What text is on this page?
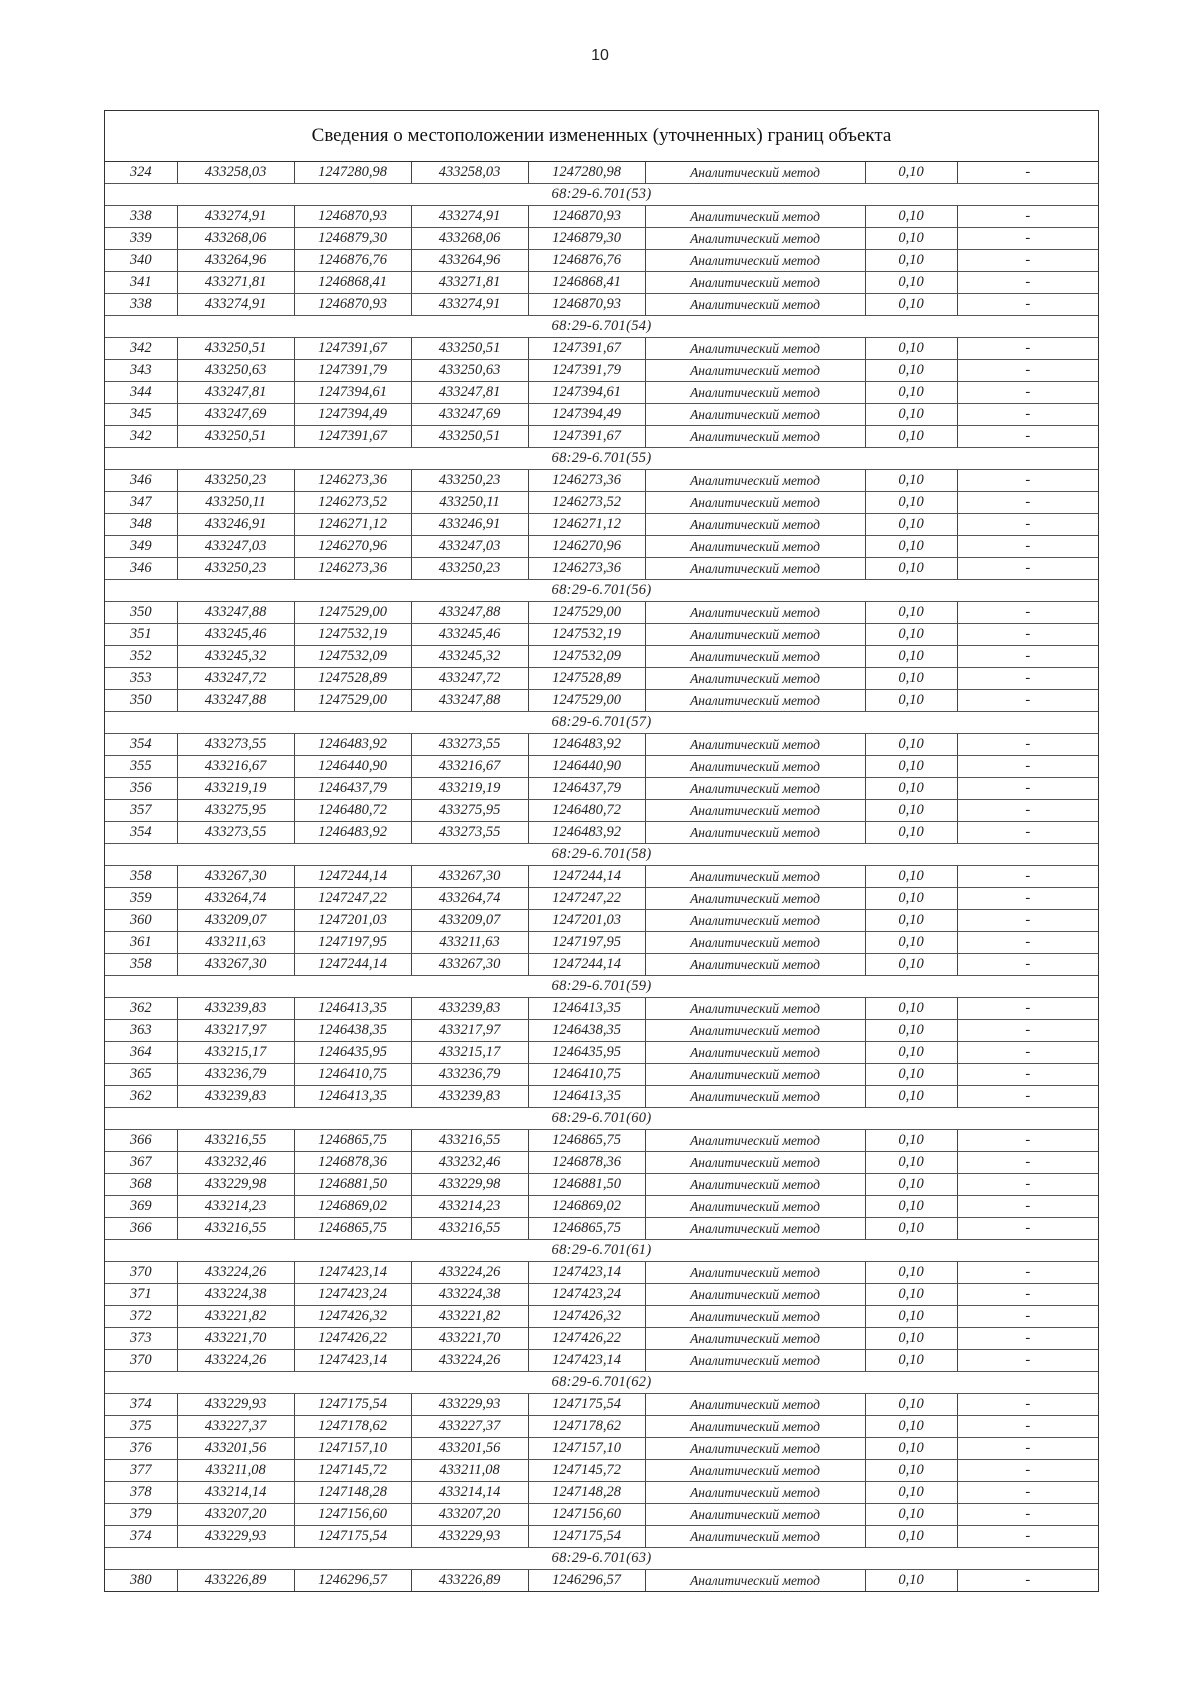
10
Сведения о местоположении измененных (уточненных) границ объекта
324	433258,03	1247280,98	433258,03	1247280,98	Аналитический метод	0,10	-
68:29-6.701(53)							
338	433274,91	1246870,93	433274,91	1246870,93	Аналитический метод	0,10	-
339	433268,06	1246879,30	433268,06	1246879,30	Аналитический метод	0,10	-
340	433264,96	1246876,76	433264,96	1246876,76	Аналитический метод	0,10	-
341	433271,81	1246868,41	433271,81	1246868,41	Аналитический метод	0,10	-
338	433274,91	1246870,93	433274,91	1246870,93	Аналитический метод	0,10	-
68:29-6.701(54)							
342	433250,51	1247391,67	433250,51	1247391,67	Аналитический метод	0,10	-
343	433250,63	1247391,79	433250,63	1247391,79	Аналитический метод	0,10	-
344	433247,81	1247394,61	433247,81	1247394,61	Аналитический метод	0,10	-
345	433247,69	1247394,49	433247,69	1247394,49	Аналитический метод	0,10	-
342	433250,51	1247391,67	433250,51	1247391,67	Аналитический метод	0,10	-
68:29-6.701(55)							
346	433250,23	1246273,36	433250,23	1246273,36	Аналитический метод	0,10	-
347	433250,11	1246273,52	433250,11	1246273,52	Аналитический метод	0,10	-
348	433246,91	1246271,12	433246,91	1246271,12	Аналитический метод	0,10	-
349	433247,03	1246270,96	433247,03	1246270,96	Аналитический метод	0,10	-
346	433250,23	1246273,36	433250,23	1246273,36	Аналитический метод	0,10	-
68:29-6.701(56)							
350	433247,88	1247529,00	433247,88	1247529,00	Аналитический метод	0,10	-
351	433245,46	1247532,19	433245,46	1247532,19	Аналитический метод	0,10	-
352	433245,32	1247532,09	433245,32	1247532,09	Аналитический метод	0,10	-
353	433247,72	1247528,89	433247,72	1247528,89	Аналитический метод	0,10	-
350	433247,88	1247529,00	433247,88	1247529,00	Аналитический метод	0,10	-
68:29-6.701(57)							
354	433273,55	1246483,92	433273,55	1246483,92	Аналитический метод	0,10	-
355	433216,67	1246440,90	433216,67	1246440,90	Аналитический метод	0,10	-
356	433219,19	1246437,79	433219,19	1246437,79	Аналитический метод	0,10	-
357	433275,95	1246480,72	433275,95	1246480,72	Аналитический метод	0,10	-
354	433273,55	1246483,92	433273,55	1246483,92	Аналитический метод	0,10	-
68:29-6.701(58)							
358	433267,30	1247244,14	433267,30	1247244,14	Аналитический метод	0,10	-
359	433264,74	1247247,22	433264,74	1247247,22	Аналитический метод	0,10	-
360	433209,07	1247201,03	433209,07	1247201,03	Аналитический метод	0,10	-
361	433211,63	1247197,95	433211,63	1247197,95	Аналитический метод	0,10	-
358	433267,30	1247244,14	433267,30	1247244,14	Аналитический метод	0,10	-
68:29-6.701(59)							
362	433239,83	1246413,35	433239,83	1246413,35	Аналитический метод	0,10	-
363	433217,97	1246438,35	433217,97	1246438,35	Аналитический метод	0,10	-
364	433215,17	1246435,95	433215,17	1246435,95	Аналитический метод	0,10	-
365	433236,79	1246410,75	433236,79	1246410,75	Аналитический метод	0,10	-
362	433239,83	1246413,35	433239,83	1246413,35	Аналитический метод	0,10	-
68:29-6.701(60)							
366	433216,55	1246865,75	433216,55	1246865,75	Аналитический метод	0,10	-
367	433232,46	1246878,36	433232,46	1246878,36	Аналитический метод	0,10	-
368	433229,98	1246881,50	433229,98	1246881,50	Аналитический метод	0,10	-
369	433214,23	1246869,02	433214,23	1246869,02	Аналитический метод	0,10	-
366	433216,55	1246865,75	433216,55	1246865,75	Аналитический метод	0,10	-
68:29-6.701(61)							
370	433224,26	1247423,14	433224,26	1247423,14	Аналитический метод	0,10	-
371	433224,38	1247423,24	433224,38	1247423,24	Аналитический метод	0,10	-
372	433221,82	1247426,32	433221,82	1247426,32	Аналитический метод	0,10	-
373	433221,70	1247426,22	433221,70	1247426,22	Аналитический метод	0,10	-
370	433224,26	1247423,14	433224,26	1247423,14	Аналитический метод	0,10	-
68:29-6.701(62)							
374	433229,93	1247175,54	433229,93	1247175,54	Аналитический метод	0,10	-
375	433227,37	1247178,62	433227,37	1247178,62	Аналитический метод	0,10	-
376	433201,56	1247157,10	433201,56	1247157,10	Аналитический метод	0,10	-
377	433211,08	1247145,72	433211,08	1247145,72	Аналитический метод	0,10	-
378	433214,14	1247148,28	433214,14	1247148,28	Аналитический метод	0,10	-
379	433207,20	1247156,60	433207,20	1247156,60	Аналитический метод	0,10	-
374	433229,93	1247175,54	433229,93	1247175,54	Аналитический метод	0,10	-
68:29-6.701(63)							
380	433226,89	1246296,57	433226,89	1246296,57	Аналитический метод	0,10	-
